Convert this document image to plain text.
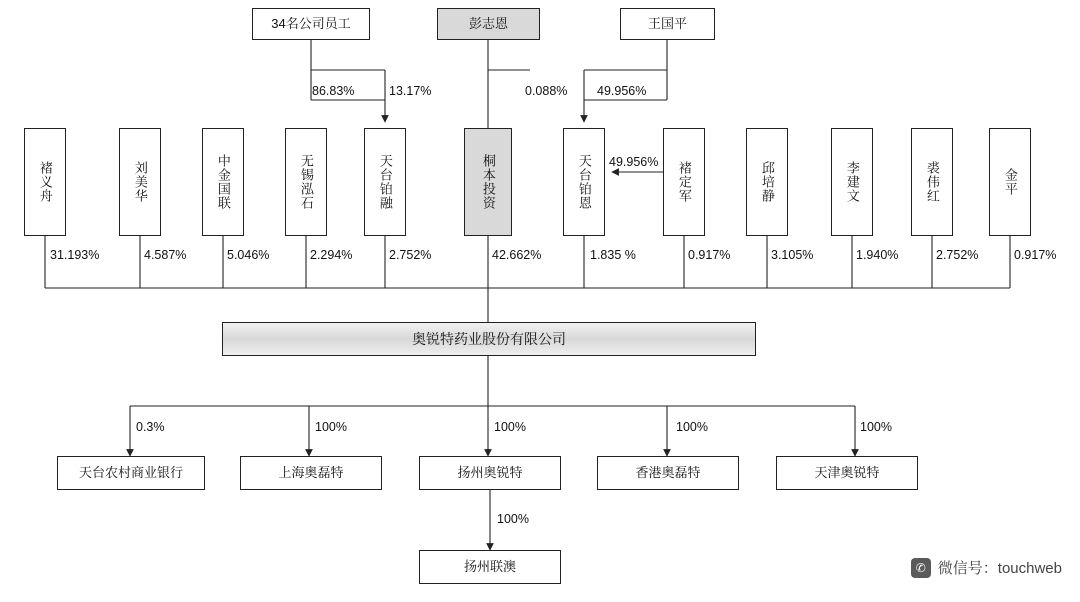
34名公司员工	彭志恩	王国平
86.83%	13.17%	0.088% 49.956%
褚义舟	刘美华	中金国联	无锡泓石	天台铂融	桐本投资	天台铂恩	褚定军	邱培静	李建文	裘伟红	金平
49.956%
31.193%	4.587%	5.046%	2.294%	2.752%	42.662%	1.835 %	0.917%	3.105%	1.940%	2.752%	0.917%
奥锐特药业股份有限公司
0.3%	100%	100%	100%	100%
天台农村商业银行	上海奥磊特	扬州奥锐特	香港奥磊特	天津奥锐特
100%
扬州联澳	✆ 微信号：touchweb
